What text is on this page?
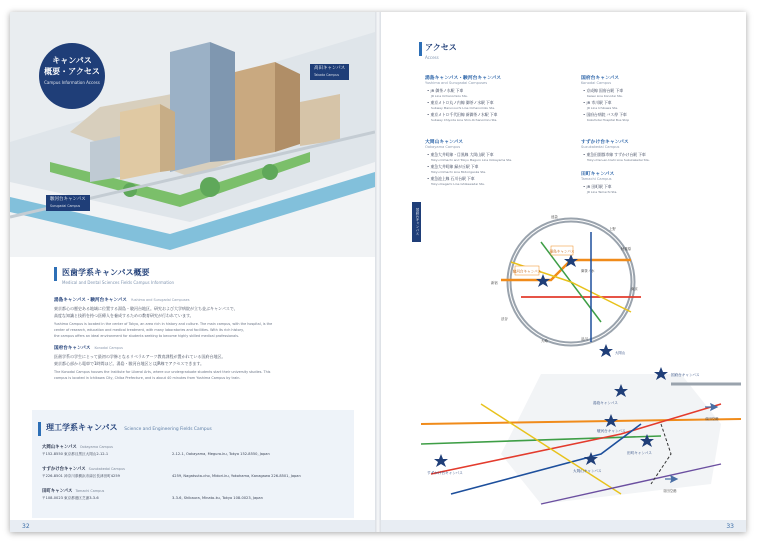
キャンパス
概要・アクセス
Campus Information Access
高田キャンパス
Takada Campus
駿河台キャンパス
Surugadai Campus
医歯学系キャンパス概要
Medical and Dental Sciences Fields Campus Information
湯島キャンパス・駿河台キャンパス Yushima and Surugadai Campuses
東京都心の歴史ある地域に位置する湯島・駿河台地区。研究および大学病院が立ち並ぶキャンパスで、
高度な知識と技術を持つ医療人を養成するための教育研究が行われています。
Yushima Campus is located in the center of Tokyo, an area rich in history and culture. The main campus, with the hospital, is the
center of research, education and medical treatment, with many laboratories and facilities. With its rich history,
the campus offers an ideal environment for students seeking to become highly skilled medical professionals.
国府台キャンパス Konodai Campus
医歯学系の学生にとって最初の学修となるリベラルアーツ教育課程が置かれている国府台地区。
東京都心部から電車で1時間ほど。湯島・駿河台地区とはJR線でアクセスできます。
The Konodai Campus houses the Institute for Liberal Arts, where our undergraduate students start their university studies. This
campus is located in Ichikawa City, Chiba Prefecture, and is about 40 minutes from Yushima Campus by train.
理工学系キャンパス Science and Engineering Fields Campus
大岡山キャンパス Ookayama Campus
〒152-8550 東京都目黒区大岡山2-12-1	2-12-1, Ookayama, Meguro-ku, Tokyo 152-8550, Japan
すずかけ台キャンパス Suzukakedai Campus
〒226-8501 神奈川県横浜市緑区長津田町4259	4259, Nagatsuta-cho, Midori-ku, Yokohama, Kanagawa 226-8501, Japan
田町キャンパス Tamachi Campus
〒108-0023 東京都港区芝浦3-3-6	3-3-6, Shibaura, Minato-ku, Tokyo 108-0023, Japan
32
アクセス
Access
湯島キャンパス・駿河台キャンパス
Yushima and Surugadai Campuses
• JR 御茶ノ水駅 下車
JR Line Ochanomizu Sta.
• 東京メトロ丸ノ内線 御茶ノ水駅 下車
Subway Marunouchi Line Ochanomizu Sta.
• 東京メトロ千代田線 新御茶ノ水駅 下車
Subway Chiyoda Line Shin-Ochanomizu Sta.
大岡山キャンパス
Ookayama Campus
• 東急大井町線・目黒線 大岡山駅 下車
Tokyu Oimachi and Tokyu Meguro Line Ookayama Sta.
• 東急大井町線 緑が丘駅 下車
Tokyu Oimachi Line Midorigaoka Sta.
• 東急池上線 石川台駅 下車
Tokyu Ikegami Line Ishikawadai Sta.
国府台キャンパス
Konodai Campus
• 京成線 国府台駅 下車
Keisei Line Konodai Sta.
• JR 市川駅 下車
JR Line Ichikawa Sta.
• 国府台病院 バス停 下車
Kokufudai Hospital Bus Stop
すずかけ台キャンパス
Suzukakedai Campus
• 東急田園都市線 すずかけ台駅 下車
Tokyu Den-en-toshi Line Suzukakedai Sta.
田町キャンパス
Tamachi Campus
• JR 田町駅 下車
JR Line Tamachi Sta.
国府台キャンパス
湯島キャンパス
駿河台キャンパス	御茶ノ水
秋葉原
上野
池袋
新宿
渋谷
品川
東京
大崎
大岡山
国府台キャンパス
湯島キャンパス
駿河台キャンパス
大岡山キャンパス
すずかけ台キャンパス
田町キャンパス
成田空港
羽田空港
33
